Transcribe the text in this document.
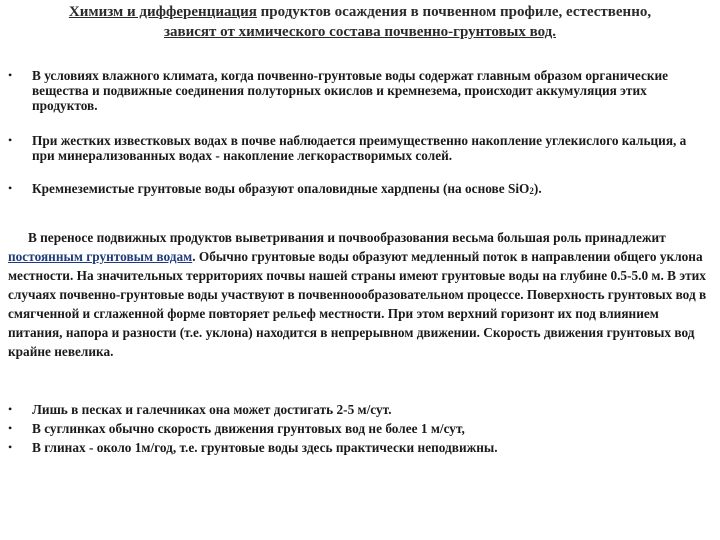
Химизм и дифференциация продуктов осаждения в почвенном профиле, естественно,
зависят от химического состава почвенно-грунтовых вод.
• В условиях влажного климата, когда почвенно-грунтовые воды содержат главным образом органические вещества и подвижные соединения полуторных окислов и кремнезема, происходит аккумуляция этих продуктов.
• При жестких известковых водах в почве наблюдается преимущественно накопление углекислого кальция, а при минерализованных водах - накопление легкорастворимых солей.
• Кремнеземистые грунтовые воды образуют опаловидные хардпены (на основе SiO$_2$).
В переносе подвижных продуктов выветривания и почвообразования весьма большая роль принадлежит постоянным грунтовым водам. Обычно грунтовые воды образуют медленный поток в направлении общего уклона местности. На значительных территориях почвы нашей страны имеют грунтовые воды на глубине 0.5-5.0 м. В этих случаях почвенно-грунтовые воды участвуют в почвенноообразовательном процессе. Поверхность грунтовых вод в смягченной и сглаженной форме повторяет рельеф местности. При этом верхний горизонт их под влиянием питания, напора и разности (т.е. уклона) находится в непрерывном движении. Скорость движения грунтовых вод крайне невелика.
• Лишь в песках и галечниках она может достигать 2-5 м/сут.
• В суглинках обычно скорость движения грунтовых вод не более 1 м/сут,
• В глинах - около 1м/год, т.е. грунтовые воды здесь практически неподвижны.
